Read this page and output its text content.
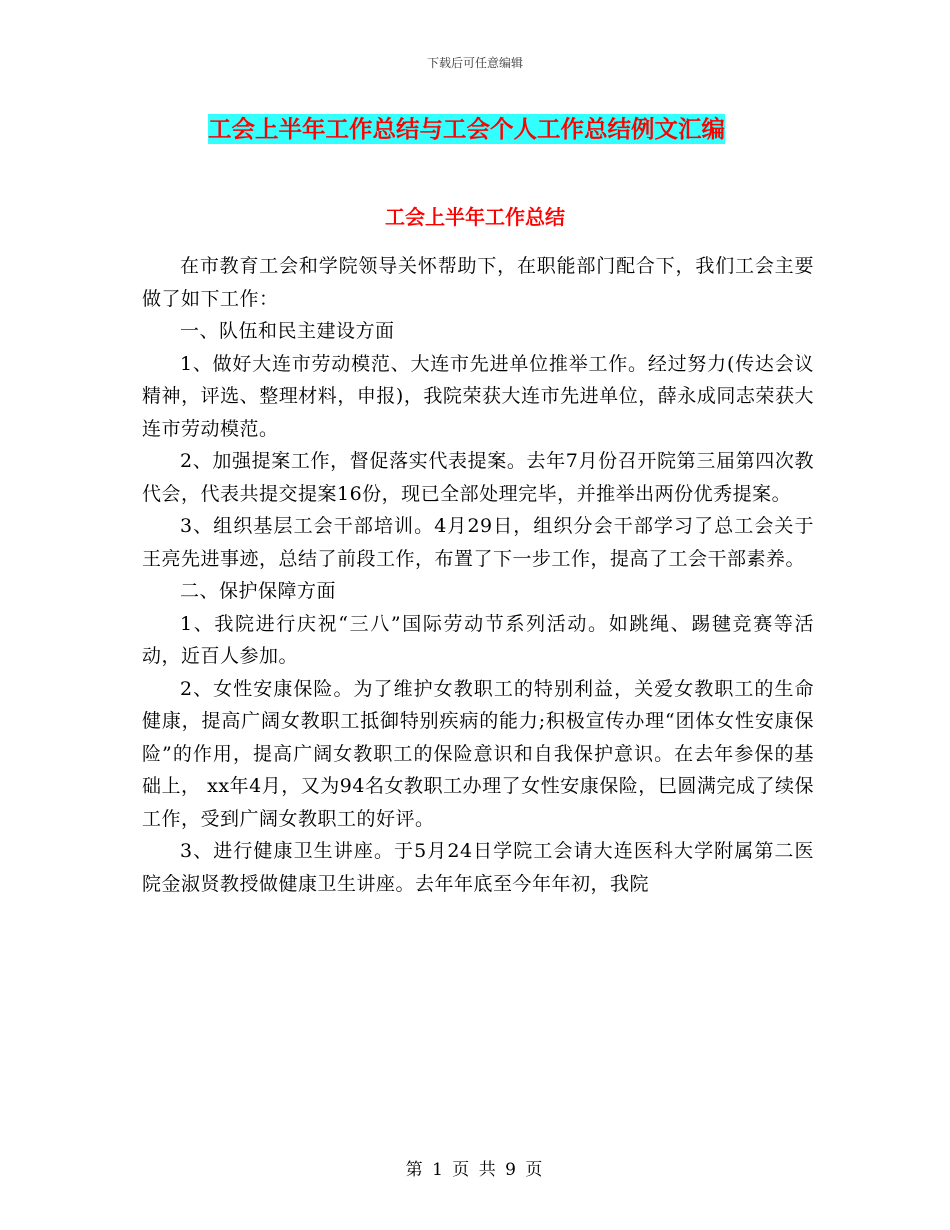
下载后可任意编辑
工会上半年工作总结与工会个人工作总结例文汇编
工会上半年工作总结

在市教育工会和学院领导关怀帮助下，在职能部门配合下，我们工会主要做了如下工作：

一、队伍和民主建设方面

1、做好大连市劳动模范、大连市先进单位推举工作。经过努力(传达会议精神，评选、整理材料，申报)，我院荣获大连市先进单位，薛永成同志荣获大连市劳动模范。

2、加强提案工作，督促落实代表提案。去年7月份召开院第三届第四次教代会，代表共提交提案16份，现已全部处理完毕，并推举出两份优秀提案。

3、组织基层工会干部培训。4月29日，组织分会干部学习了总工会关于王亮先进事迹，总结了前段工作，布置了下一步工作，提高了工会干部素养。

二、保护保障方面

1、我院进行庆祝“三八”国际劳动节系列活动。如跳绳、踢毽竞赛等活动，近百人参加。

2、女性安康保险。为了维护女教职工的特别利益，关爱女教职工的生命健康，提高广阔女教职工抵御特别疾病的能力;积极宣传办理“团体女性安康保险”的作用，提高广阔女教职工的保险意识和自我保护意识。在去年参保的基础上， xx年4月，又为94名女教职工办理了女性安康保险，巳圆满完成了续保工作，受到广阔女教职工的好评。

3、进行健康卫生讲座。于5月24日学院工会请大连医科大学附属第二医院金淑贤教授做健康卫生讲座。去年年底至今年年初，我院

第 1 页 共 9 页
